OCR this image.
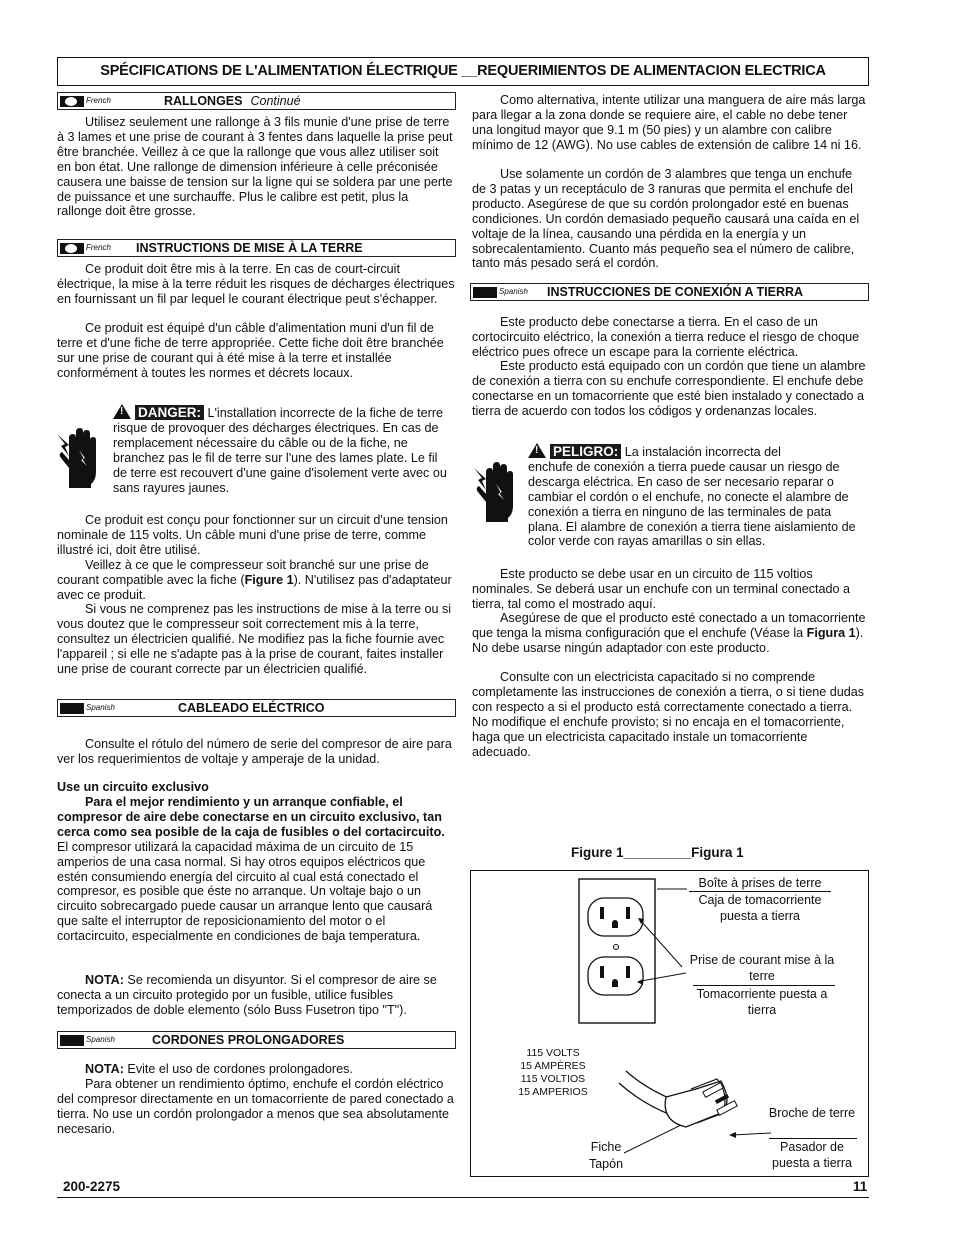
SPÉCIFICATIONS DE L'ALIMENTATION ÉLECTRIQUE __REQUERIMIENTOS DE ALIMENTACION ELECTRICA
French	RALLONGES Continué

Utilisez seulement une rallonge à 3 fils munie d'une prise de terre à 3 lames et une prise de courant à 3 fentes dans laquelle la prise peut être branchée. Veillez à ce que la rallonge que vous allez utiliser soit en bon état. Une rallonge de dimension inférieure à celle préconisée causera une baisse de tension sur la ligne qui se soldera par une perte de puissance et une surchauffe. Plus le calibre est petit, plus la rallonge doit être grosse.

French INSTRUCTIONS DE MISE À LA TERRE

Ce produit doit être mis à la terre. En cas de court-circuit électrique, la mise à la terre réduit les risques de décharges électriques en fournissant un fil par lequel le courant électrique peut s'échapper.

Ce produit est équipé d'un câble d'alimentation muni d'un fil de terre et d'une fiche de terre appropriée. Cette fiche doit être branchée sur une prise de courant qui à été mise à la terre et installée conformément à toutes les normes et décrets locaux.

!DANGER: L'installation incorrecte de la fiche de terre risque de provoquer des décharges électriques. En cas de remplacement nécessaire du câble ou de la fiche, ne branchez pas le fil de terre sur l'une des lames plate. Le fil de terre est recouvert d'une gaine d'isolement verte avec ou sans rayures jaunes.

Ce produit est conçu pour fonctionner sur un circuit d'une tension nominale de 115 volts. Un câble muni d'une prise de terre, comme illustré ici, doit être utilisé.

Veillez à ce que le compresseur soit branché sur une prise de courant compatible avec la fiche (Figure 1). N'utilisez pas d'adaptateur avec ce produit.

Si vous ne comprenez pas les instructions de mise à la terre ou si vous doutez que le compresseur soit correctement mis à la terre, consultez un électricien qualifié. Ne modifiez pas la fiche fournie avec l'appareil ; si elle ne s'adapte pas à la prise de courant, faites installer une prise de courant correcte par un électricien qualifié.

Spanish	CABLEADO ELÉCTRICO

Consulte el rótulo del número de serie del compresor de aire para ver los requerimientos de voltaje y amperaje de la unidad.

Use un circuito exclusivo

Para el mejor rendimiento y un arranque confiable, el compresor de aire debe conectarse en un circuito exclusivo, tan cerca como sea posible de la caja de fusibles o del cortacircuito. El compresor utilizará la capacidad máxima de un circuito de 15 amperios de una casa normal. Si hay otros equipos eléctricos que estén consumiendo energía del circuito al cual está conectado el compresor, es posible que éste no arranque. Un voltaje bajo o un circuito sobrecargado puede causar un arranque lento que causará que salte el interruptor de reposicionamiento del motor o el cortacircuito, especialmente en condiciones de baja temperatura.

NOTA: Se recomienda un disyuntor. Si el compresor de aire se conecta a un circuito protegido por un fusible, utilice fusibles temporizados de doble elemento (sólo Buss Fusetron tipo "T").

Spanish	CORDONES PROLONGADORES

NOTA: Evite el uso de cordones prolongadores.

Para obtener un rendimiento óptimo, enchufe el cordón eléctrico del compresor directamente en un tomacorriente de pared conectado a tierra. No use un cordón prolongador a menos que sea absolutamente necesario.

Como alternativa, intente utilizar una manguera de aire más larga para llegar a la zona donde se requiere aire, el cable no debe tener una longitud mayor que 9.1 m (50 pies) y un alambre con calibre mínimo de 12 (AWG). No use cables de extensión de calibre 14 ni 16.

Use solamente un cordón de 3 alambres que tenga un enchufe de 3 patas y un receptáculo de 3 ranuras que permita el enchufe del producto. Asegúrese de que su cordón prolongador esté en buenas condiciones. Un cordón demasiado pequeño causará una caída en el voltaje de la línea, causando una pérdida en la energía y un sobrecalentamiento. Cuanto más pequeño sea el número de calibre, tanto más pesado será el cordón.

Spanish INSTRUCCIONES DE CONEXIÓN A TIERRA

Este producto debe conectarse a tierra. En el caso de un cortocircuito eléctrico, la conexión a tierra reduce el riesgo de choque eléctrico pues ofrece un escape para la corriente eléctrica.

Este producto está equipado con un cordón que tiene un alambre de conexión a tierra con su enchufe correspondiente. El enchufe debe conectarse en un tomacorriente que esté bien instalado y conectado a tierra de acuerdo con todos los códigos y ordenanzas locales.

!PELIGRO: La instalación incorrecta del

enchufe de conexión a tierra puede causar un riesgo de descarga eléctrica. En caso de ser necesario reparar o cambiar el cordón o el enchufe, no conecte el alambre de conexión a tierra en ninguno de las terminales de pata plana. El alambre de conexión a tierra tiene aislamiento de color verde con rayas amarillas o sin ellas.

Este producto se debe usar en un circuito de 115 voltios nominales. Se deberá usar un enchufe con un terminal conectado a tierra, tal como el mostrado aquí.

Asegúrese de que el producto esté conectado a un tomacorriente que tenga la misma configuración que el enchufe (Véase la Figura 1). No debe usarse ningún adaptador con este producto.

Consulte con un electricista capacitado si no comprende completamente las instrucciones de conexión a tierra, o si tiene dudas con respecto a si el producto está correctamente conectado a tierra. No modifique el enchufe provisto; si no encaja en el tomacorriente, haga que un electricista capacitado instale un tomacorriente adecuado.

Figure 1_________Figura 1
Boîte à prises de terre
Caja de tomacorriente puesta a tierra
Prise de courant mise à la terre
Tomacorriente puesta a tierra
115 VOLTS
15 AMPÈRES
115 VOLTIOS
15 AMPERIOS
Broche de terre
Pasador de puesta a tierra
Fiche
Tapón
200-2275	11
